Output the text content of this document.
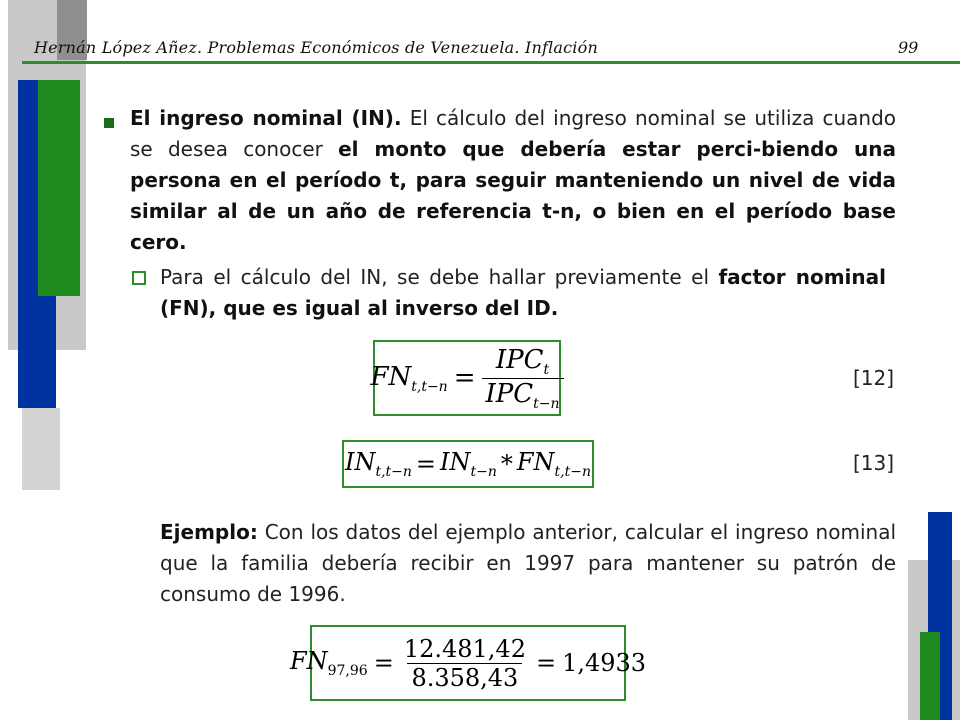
Hernán López Añez. Problemas Económicos de Venezuela. Inflación	99
El ingreso nominal (IN). El cálculo del ingreso nominal se utiliza cuando se desea conocer el monto que debería estar perci-biendo una persona en el período t, para seguir manteniendo un nivel de vida similar al de un año de referencia t-n, o bien en el período base cero.
Para el cálculo del IN, se debe hallar previamente el factor nominal (FN), que es igual al inverso del ID.
$FN_{t,t-n} = \frac{IPC_t}{IPC_{t-n}}$	[12]
$IN_{t,t-n} = IN_{t-n} * FN_{t,t-n}$	[13]
Ejemplo: Con los datos del ejemplo anterior, calcular el ingreso nominal que la familia debería recibir en 1997 para mantener su patrón de consumo de 1996.
$FN_{97,96} = \frac{12.481,42}{8.358,43} = 1,4933$
